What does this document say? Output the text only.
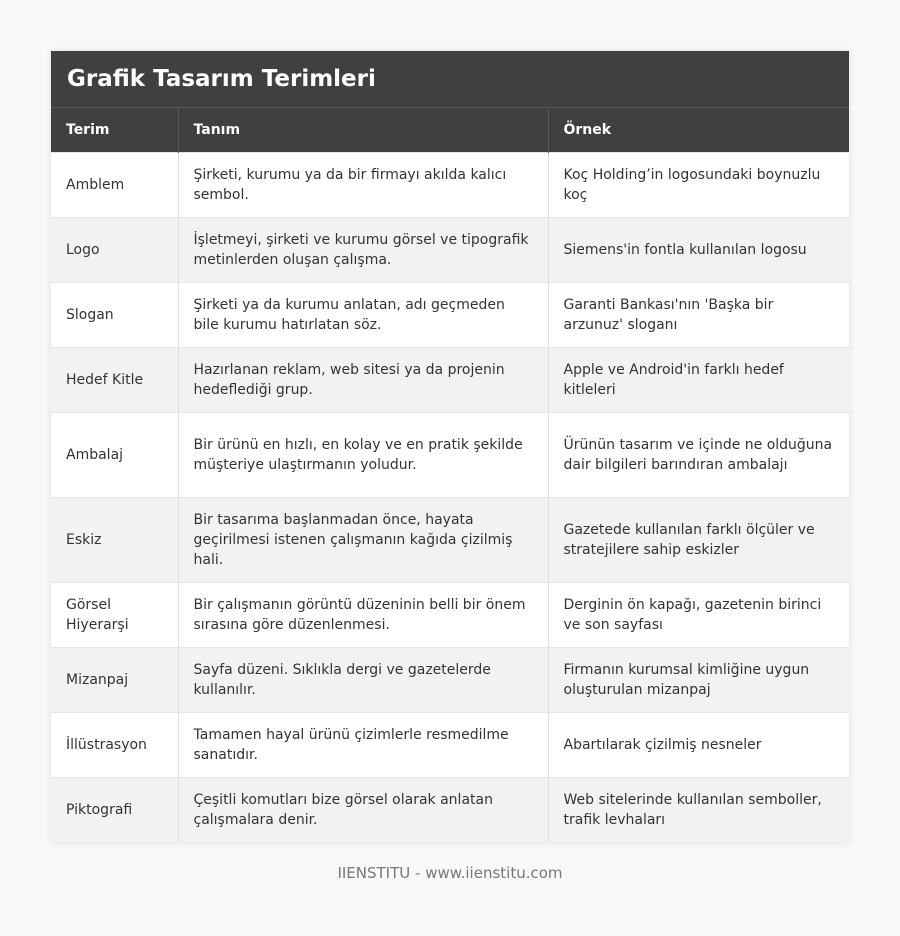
Grafik Tasarım Terimleri
Terim	Tanım	Örnek
Amblem	Şirketi, kurumu ya da bir firmayı akılda kalıcı sembol.	Koç Holding’in logosundaki boynuzlu koç
Logo	İşletmeyi, şirketi ve kurumu görsel ve tipografik metinlerden oluşan çalışma.	Siemens'in fontla kullanılan logosu
Slogan	Şirketi ya da kurumu anlatan, adı geçmeden bile kurumu hatırlatan söz.	Garanti Bankası'nın 'Başka bir arzunuz' sloganı
Hedef Kitle	Hazırlanan reklam, web sitesi ya da projenin hedeflediği grup.	Apple ve Android'in farklı hedef kitleleri
Ambalaj	Bir ürünü en hızlı, en kolay ve en pratik şekilde müşteriye ulaştırmanın yoludur.	Ürünün tasarım ve içinde ne olduğuna dair bilgileri barındıran ambalajı
Eskiz	Bir tasarıma başlanmadan önce, hayata geçirilmesi istenen çalışmanın kağıda çizilmiş hali.	Gazetede kullanılan farklı ölçüler ve stratejilere sahip eskizler
Görsel Hiyerarşi	Bir çalışmanın görüntü düzeninin belli bir önem sırasına göre düzenlenmesi.	Derginin ön kapağı, gazetenin birinci ve son sayfası
Mizanpaj	Sayfa düzeni. Sıklıkla dergi ve gazetelerde kullanılır.	Firmanın kurumsal kimliğine uygun oluşturulan mizanpaj
İllüstrasyon	Tamamen hayal ürünü çizimlerle resmedilme sanatıdır.	Abartılarak çizilmiş nesneler
Piktografi	Çeşitli komutları bize görsel olarak anlatan çalışmalara denir.	Web sitelerinde kullanılan semboller, trafik levhaları
IIENSTITU - www.iienstitu.com
